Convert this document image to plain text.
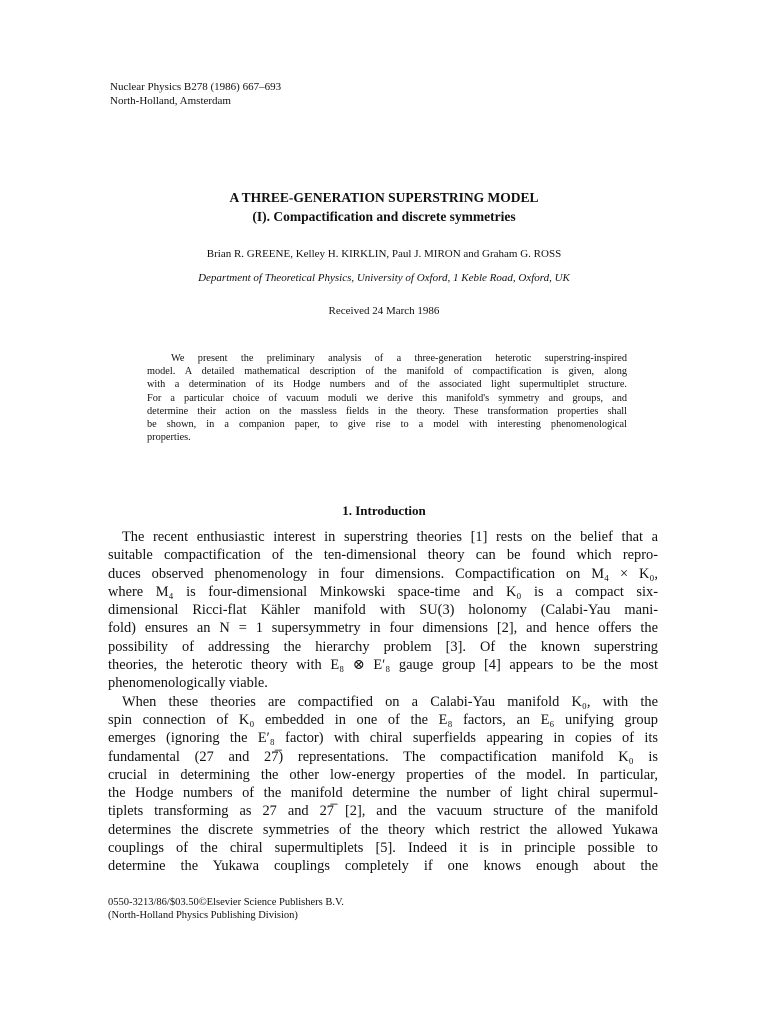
Nuclear Physics B278 (1986) 667–693
North-Holland, Amsterdam
A THREE-GENERATION SUPERSTRING MODEL
(I). Compactification and discrete symmetries
Brian R. GREENE, Kelley H. KIRKLIN, Paul J. MIRON and Graham G. ROSS
Department of Theoretical Physics, University of Oxford, 1 Keble Road, Oxford, UK
Received 24 March 1986
We present the preliminary analysis of a three-generation heterotic superstring-inspired
model. A detailed mathematical description of the manifold of compactification is given, along
with a determination of its Hodge numbers and of the associated light supermultiplet structure.
For a particular choice of vacuum moduli we derive this manifold's symmetry and groups, and
determine their action on the massless fields in the theory. These transformation properties shall
be shown, in a companion paper, to give rise to a model with interesting phenomenological
properties.
1. Introduction
The recent enthusiastic interest in superstring theories [1] rests on the belief that a
suitable compactification of the ten-dimensional theory can be found which repro-
duces observed phenomenology in four dimensions. Compactification on M₄ × K₀,
where M₄ is four-dimensional Minkowski space-time and K₀ is a compact six-
dimensional Ricci-flat Kähler manifold with SU(3) holonomy (Calabi-Yau mani-
fold) ensures an N = 1 supersymmetry in four dimensions [2], and hence offers the
possibility of addressing the hierarchy problem [3]. Of the known superstring
theories, the heterotic theory with E₈ ⊗ E′₈ gauge group [4] appears to be the most
phenomenologically viable.
When these theories are compactified on a Calabi-Yau manifold K₀, with the
spin connection of K₀ embedded in one of the E₈ factors, an E₆ unifying group
emerges (ignoring the E′₈ factor) with chiral superfields appearing in copies of its
fundamental (27 and 27̅) representations. The compactification manifold K₀ is
crucial in determining the other low-energy properties of the model. In particular,
the Hodge numbers of the manifold determine the number of light chiral supermul-
tiplets transforming as 27 and 27̅ [2], and the vacuum structure of the manifold
determines the discrete symmetries of the theory which restrict the allowed Yukawa
couplings of the chiral supermultiplets [5]. Indeed it is in principle possible to
determine the Yukawa couplings completely if one knows enough about the
0550-3213/86/$03.50©Elsevier Science Publishers B.V.
(North-Holland Physics Publishing Division)
